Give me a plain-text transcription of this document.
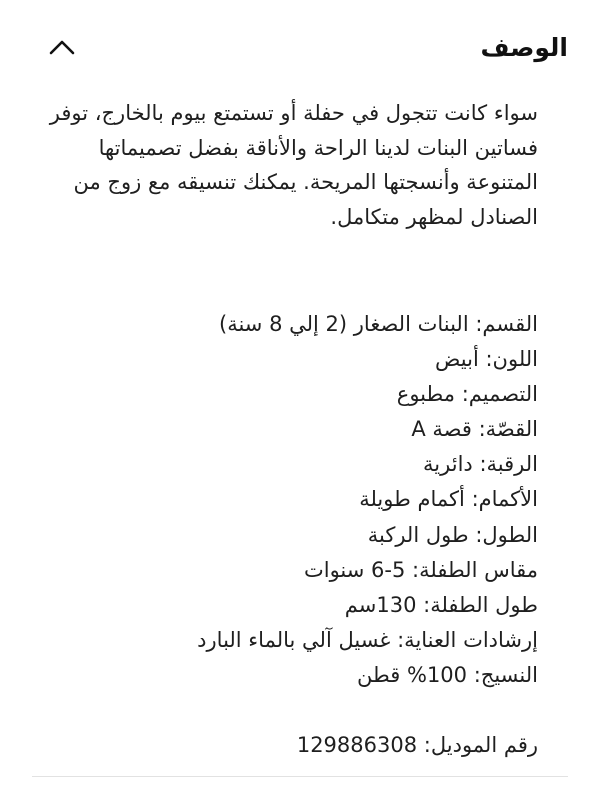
الوصف

سواء كانت تتجول في حفلة أو تستمتع بيوم بالخارج، توفر فساتين البنات لدينا الراحة والأناقة بفضل تصميماتها المتنوعة وأنسجتها المريحة. يمكنك تنسيقه مع زوج من الصنادل لمظهر متكامل.

القسم: البنات الصغار (2 إلي 8 سنة)
اللون: أبيض
التصميم: مطبوع
القصّة: قصة A
الرقبة: دائرية
الأكمام: أكمام طويلة
الطول: طول الركبة
مقاس الطفلة: 5-6 سنوات
طول الطفلة: 130سم
إرشادات العناية: غسيل آلي بالماء البارد
النسيج: 100% قطن
رقم الموديل: 129886308
